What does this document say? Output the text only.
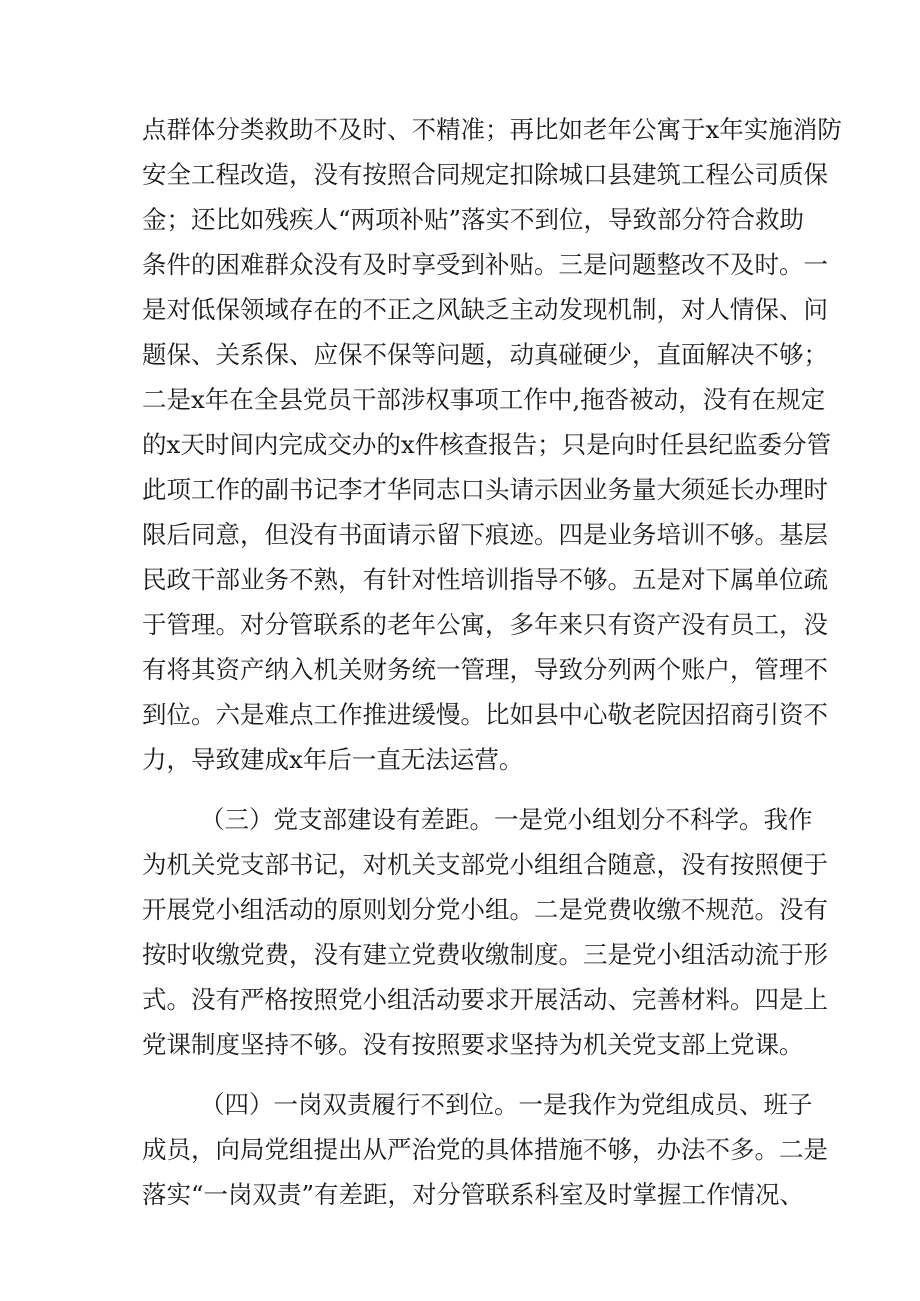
点群体分类救助不及时、不精准；再比如老年公寓于x年实施消防
安全工程改造，没有按照合同规定扣除城口县建筑工程公司质保
金；还比如残疾人“两项补贴”落实不到位，导致部分符合救助
条件的困难群众没有及时享受到补贴。三是问题整改不及时。一
是对低保领域存在的不正之风缺乏主动发现机制，对人情保、问
题保、关系保、应保不保等问题，动真碰硬少，直面解决不够；
二是x年在全县党员干部涉权事项工作中,拖沓被动，没有在规定
的x天时间内完成交办的x件核查报告；只是向时任县纪监委分管
此项工作的副书记李才华同志口头请示因业务量大须延长办理时
限后同意，但没有书面请示留下痕迹。四是业务培训不够。基层
民政干部业务不熟，有针对性培训指导不够。五是对下属单位疏
于管理。对分管联系的老年公寓，多年来只有资产没有员工，没
有将其资产纳入机关财务统一管理，导致分列两个账户，管理不
到位。六是难点工作推进缓慢。比如县中心敬老院因招商引资不
力，导致建成x年后一直无法运营。
（三）党支部建设有差距。一是党小组划分不科学。我作
为机关党支部书记，对机关支部党小组组合随意，没有按照便于
开展党小组活动的原则划分党小组。二是党费收缴不规范。没有
按时收缴党费，没有建立党费收缴制度。三是党小组活动流于形
式。没有严格按照党小组活动要求开展活动、完善材料。四是上
党课制度坚持不够。没有按照要求坚持为机关党支部上党课。
（四）一岗双责履行不到位。一是我作为党组成员、班子
成员，向局党组提出从严治党的具体措施不够，办法不多。二是
落实“一岗双责”有差距，对分管联系科室及时掌握工作情况、
